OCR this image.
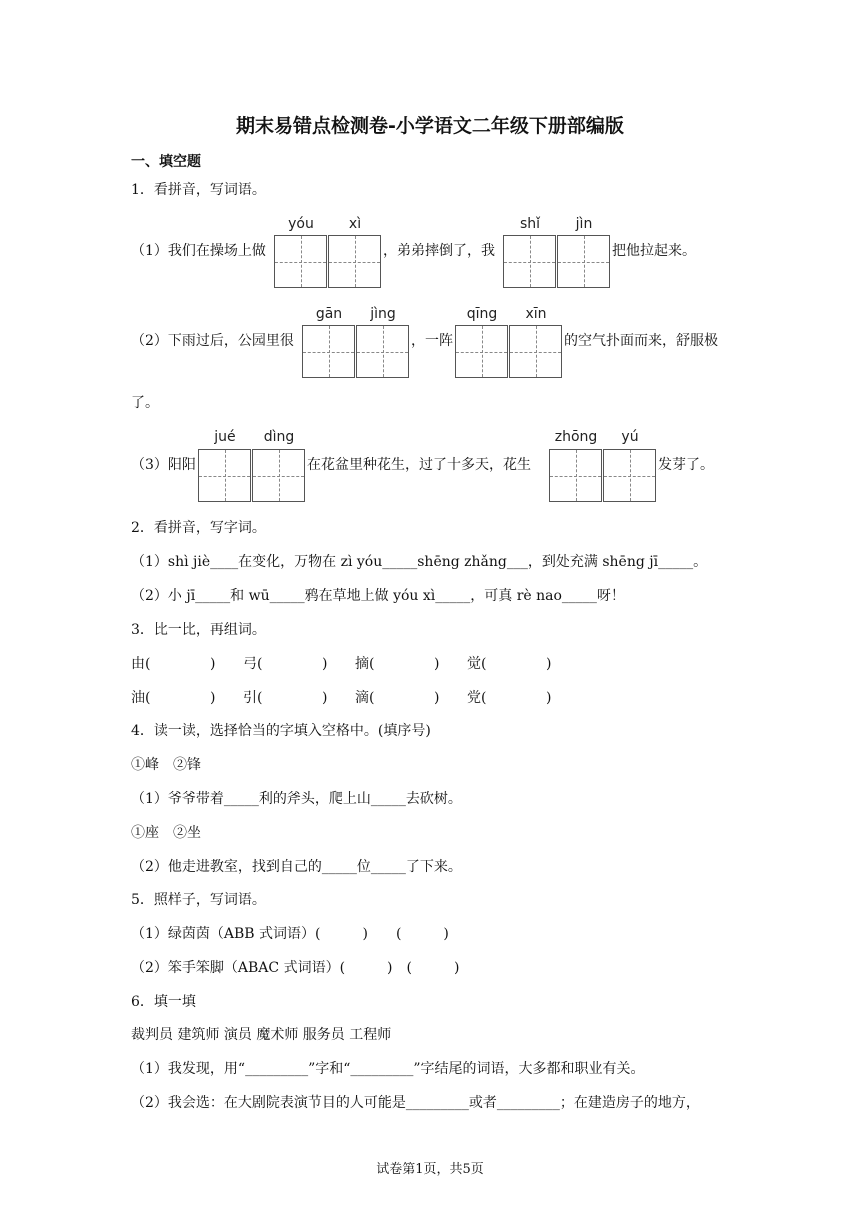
期末易错点检测卷-小学语文二年级下册部编版
一、填空题
1．看拼音，写词语。
yóu	xì	shǐ	jìn
（1）我们在操场上做	，弟弟摔倒了，我	把他拉起来。
gān	jìng	qīng	xīn
（2）下雨过后，公园里很	，一阵	的空气扑面而来，舒服极
了。
jué	dìng	zhōng	yú
（3）阳阳	在花盆里种花生，过了十多天，花生	发芽了。
2．看拼音，写字词。
（1）shì jiè____在变化，万物在 zì yóu_____shēng zhǎng___，到处充满 shēng jī_____。
（2）小 jī_____和 wū_____鸦在草地上做 yóu xì_____，可真 rè nao_____呀！
3．比一比，再组词。
由(	) 弓(	) 摘(	) 觉(	)
油(	) 引(	) 滴(	) 党(	)
4．读一读，选择恰当的字填入空格中。(填序号)
①峰　②锋
（1）爷爷带着_____利的斧头，爬上山_____去砍树。
①座　②坐
（2）他走进教室，找到自己的_____位_____了下来。
5．照样子，写词语。
（1）绿茵茵（ABB 式词语）(　　　)　　(　　　)
（2）笨手笨脚（ABAC 式词语）(　　　)　(　　　)
6．填一填
裁判员 建筑师 演员 魔术师 服务员 工程师
（1）我发现，用“_________”字和“_________”字结尾的词语，大多都和职业有关。
（2）我会选：在大剧院表演节目的人可能是_________或者_________；在建造房子的地方，
试卷第1页，共5页
